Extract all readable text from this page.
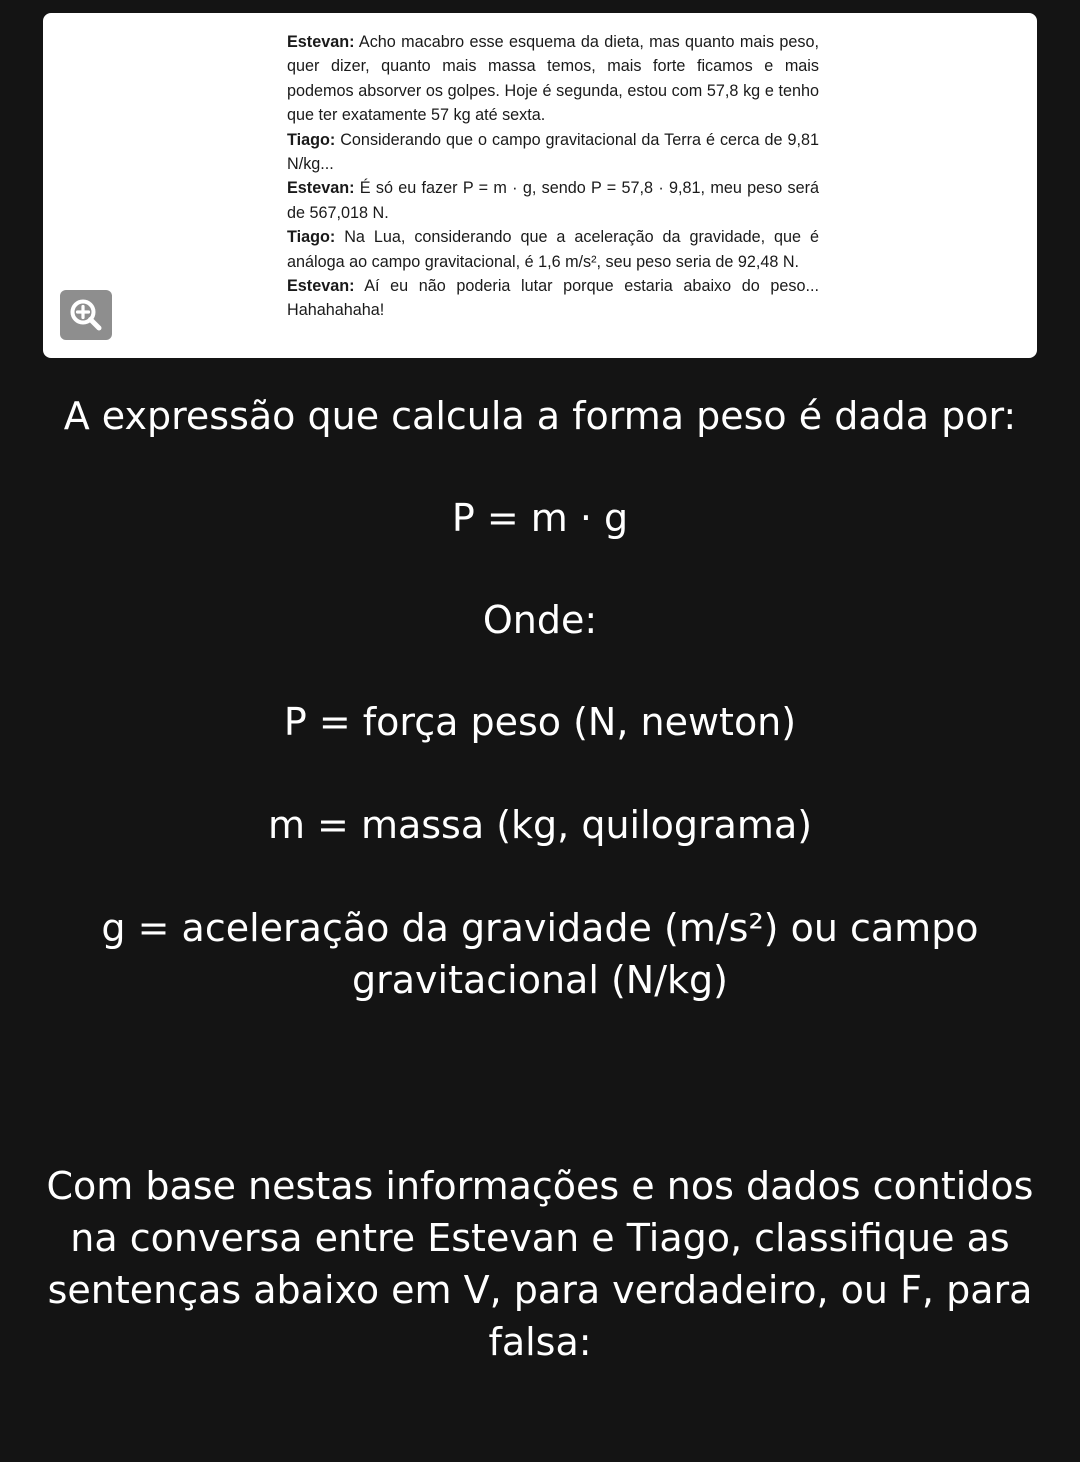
Estevan: Acho macabro esse esquema da dieta, mas quanto mais peso, quer dizer, quanto mais massa temos, mais forte ficamos e mais podemos absorver os golpes. Hoje é segunda, estou com 57,8 kg e tenho que ter exatamente 57 kg até sexta.

Tiago: Considerando que o campo gravitacional da Terra é cerca de 9,81 N/kg...

Estevan: É só eu fazer P = m · g, sendo P = 57,8 · 9,81, meu peso será de 567,018 N.

Tiago: Na Lua, considerando que a aceleração da gravidade, que é análoga ao campo gravitacional, é 1,6 m/s², seu peso seria de 92,48 N.

Estevan: Aí eu não poderia lutar porque estaria abaixo do peso... Hahahahaha!

A expressão que calcula a forma peso é dada por:

P = m · g

Onde:

P = força peso (N, newton)

m = massa (kg, quilograma)

g = aceleração da gravidade (m/s²) ou campo gravitacional (N/kg)

Com base nestas informações e nos dados contidos na conversa entre Estevan e Tiago, classifique as sentenças abaixo em V, para verdadeiro, ou F, para falsa:
